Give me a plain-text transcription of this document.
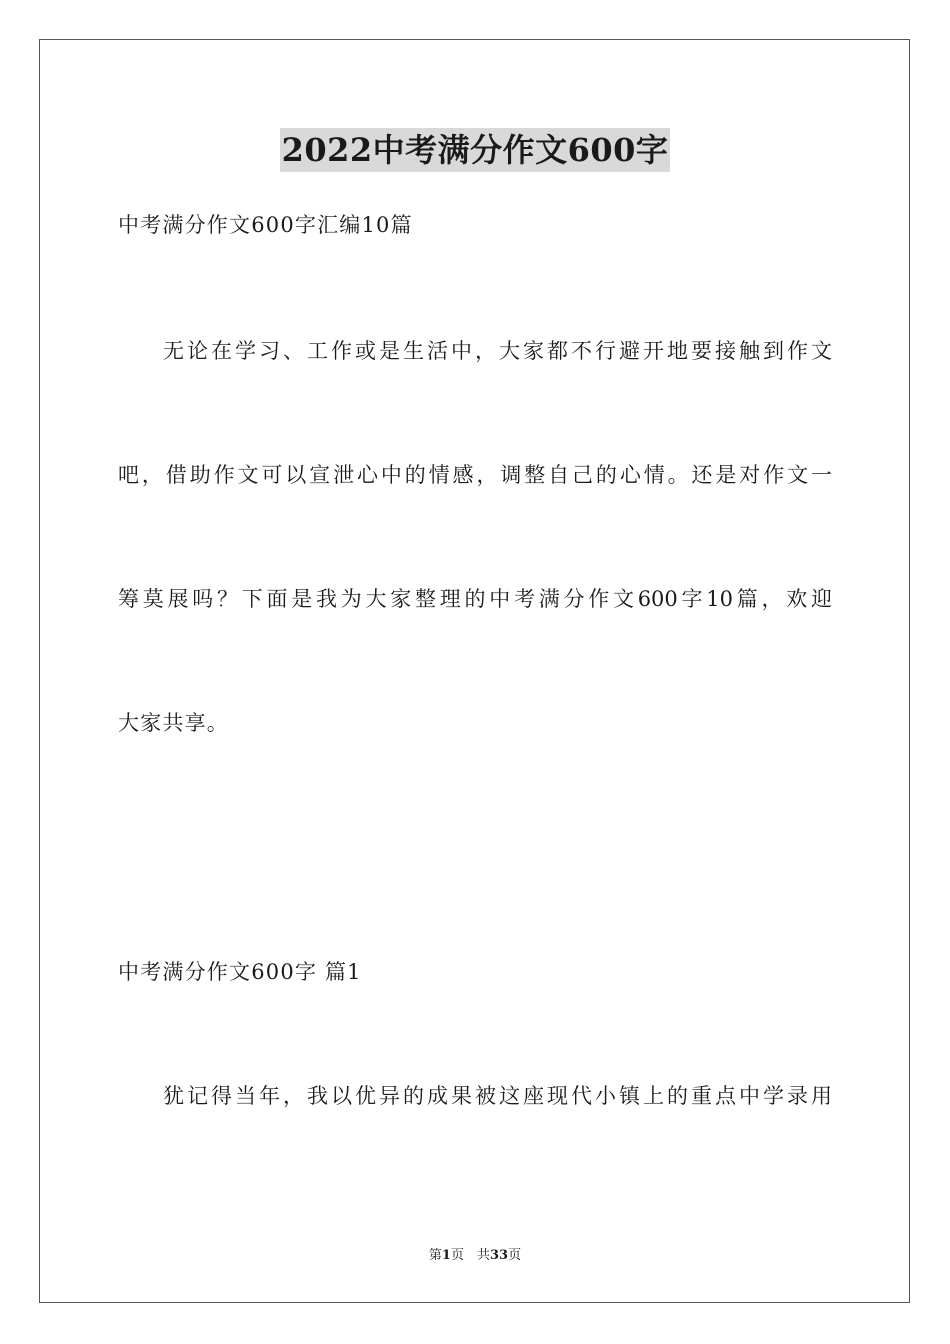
2022中考满分作文600字
中考满分作文600字汇编10篇
无论在学习、工作或是生活中，大家都不行避开地要接触到作文
吧，借助作文可以宣泄心中的情感，调整自己的心情。还是对作文一
筹莫展吗？下面是我为大家整理的中考满分作文600字10篇，欢迎
大家共享。
中考满分作文600字 篇1
犹记得当年，我以优异的成果被这座现代小镇上的重点中学录用
第1页　共33页
